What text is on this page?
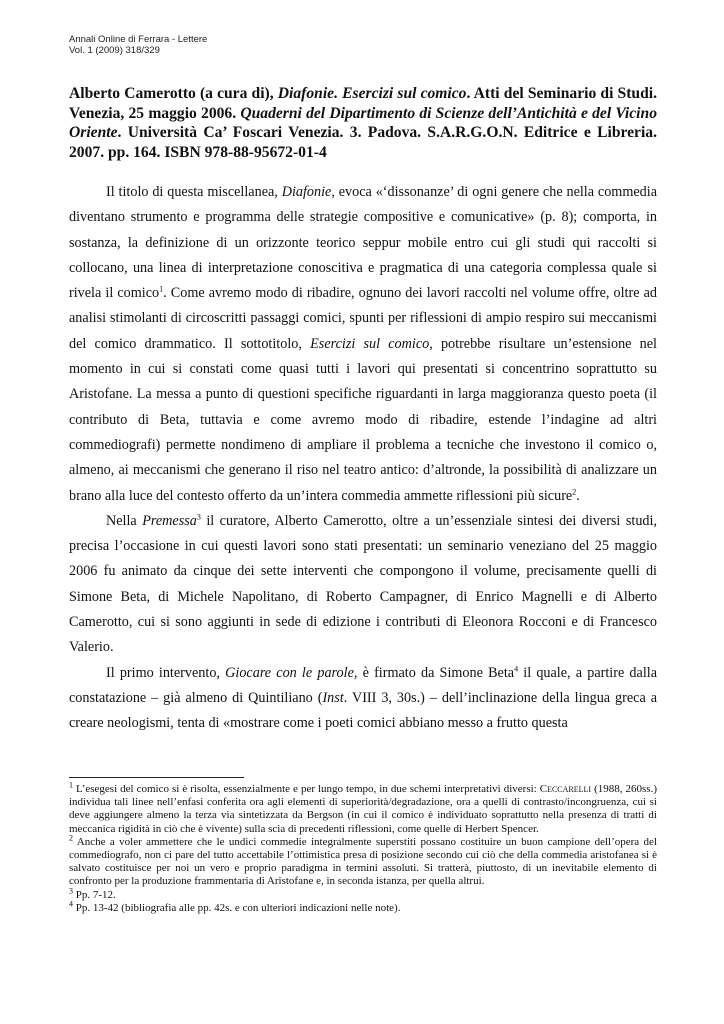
Annali Online di Ferrara - Lettere
Vol. 1 (2009) 318/329
Alberto Camerotto (a cura di), Diafonie. Esercizi sul comico. Atti del Seminario di Studi. Venezia, 25 maggio 2006. Quaderni del Dipartimento di Scienze dell’Antichità e del Vicino Oriente. Università Ca’ Foscari Venezia. 3. Padova. S.A.R.G.O.N. Editrice e Libreria. 2007. pp. 164. ISBN 978-88-95672-01-4

Il titolo di questa miscellanea, Diafonie, evoca «‘dissonanze’ di ogni genere che nella commedia diventano strumento e programma delle strategie compositive e comunicative» (p. 8); comporta, in sostanza, la definizione di un orizzonte teorico seppur mobile entro cui gli studi qui raccolti si collocano, una linea di interpretazione conoscitiva e pragmatica di una categoria complessa quale si rivela il comico$^1$. Come avremo modo di ribadire, ognuno dei lavori raccolti nel volume offre, oltre ad analisi stimolanti di circoscritti passaggi comici, spunti per riflessioni di ampio respiro sui meccanismi del comico drammatico. Il sottotitolo, Esercizi sul comico, potrebbe risultare un’estensione nel momento in cui si constati come quasi tutti i lavori qui presentati si concentrino soprattutto su Aristofane. La messa a punto di questioni specifiche riguardanti in larga maggioranza questo poeta (il contributo di Beta, tuttavia e come avremo modo di ribadire, estende l’indagine ad altri commediografi) permette nondimeno di ampliare il problema a tecniche che investono il comico o, almeno, ai meccanismi che generano il riso nel teatro antico: d’altronde, la possibilità di analizzare un brano alla luce del contesto offerto da un’intera commedia ammette riflessioni più sicure$^2$.

Nella Premessa$^3$ il curatore, Alberto Camerotto, oltre a un’essenziale sintesi dei diversi studi, precisa l’occasione in cui questi lavori sono stati presentati: un seminario veneziano del 25 maggio 2006 fu animato da cinque dei sette interventi che compongono il volume, precisamente quelli di Simone Beta, di Michele Napolitano, di Roberto Campagner, di Enrico Magnelli e di Alberto Camerotto, cui si sono aggiunti in sede di edizione i contributi di Eleonora Rocconi e di Francesco Valerio.

Il primo intervento, Giocare con le parole, è firmato da Simone Beta$^4$ il quale, a partire dalla constatazione – già almeno di Quintiliano (Inst. VIII 3, 30s.) – dell’inclinazione della lingua greca a creare neologismi, tenta di «mostrare come i poeti comici abbiano messo a frutto questa

$^1$ L’esegesi del comico si è risolta, essenzialmente e per lungo tempo, in due schemi interpretativi diversi: Ceccarelli (1988, 260ss.) individua tali linee nell’enfasi conferita ora agli elementi di superiorità/degradazione, ora a quelli di contrasto/incongruenza, cui si deve aggiungere almeno la terza via sintetizzata da Bergson (in cui il comico è individuato soprattutto nella presenza di tratti di meccanica rigidità in ciò che è vivente) sulla scia di precedenti riflessioni, come quelle di Herbert Spencer.

$^2$ Anche a voler ammettere che le undici commedie integralmente superstiti possano costituire un buon campione dell’opera del commediografo, non ci pare del tutto accettabile l’ottimistica presa di posizione secondo cui ciò che della commedia aristofanea si è salvato costituisce per noi un vero e proprio paradigma in termini assoluti. Si tratterà, piuttosto, di un inevitabile elemento di confronto per la produzione frammentaria di Aristofane e, in seconda istanza, per quella altrui.

$^3$ Pp. 7-12.

$^4$ Pp. 13-42 (bibliografia alle pp. 42s. e con ulteriori indicazioni nelle note).
